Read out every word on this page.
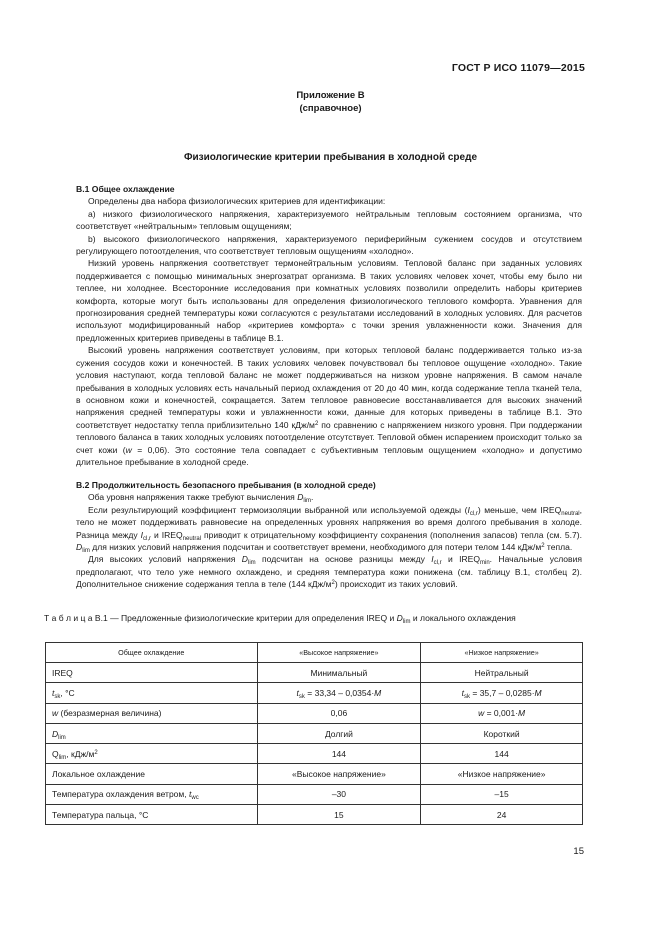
ГОСТ Р ИСО 11079—2015
Приложение В
(справочное)
Физиологические критерии пребывания в холодной среде
В.1 Общее охлаждение

Определены два набора физиологических критериев для идентификации:

а) низкого физиологического напряжения, характеризуемого нейтральным тепловым состоянием организма, что соответствует «нейтральным» тепловым ощущениям;

b) высокого физиологического напряжения, характеризуемого периферийным сужением сосудов и отсутствием регулирующего потоотделения, что соответствует тепловым ощущениям «холодно».

Низкий уровень напряжения соответствует термонейтральным условиям. Тепловой баланс при заданных условиях поддерживается с помощью минимальных энергозатрат организма. В таких условиях человек хочет, чтобы ему было ни теплее, ни холоднее. Всесторонние исследования при комнатных условиях позволили определить наборы критериев комфорта, которые могут быть использованы для определения физиологического теплового комфорта. Уравнения для прогнозирования средней температуры кожи согласуются с результатами исследований в холодных условиях. Для расчетов используют модифицированный набор «критериев комфорта» с точки зрения увлажненности кожи. Значения для предложенных критериев приведены в таблице В.1.

Высокий уровень напряжения соответствует условиям, при которых тепловой баланс поддерживается только из-за сужения сосудов кожи и конечностей. В таких условиях человек почувствовал бы тепловое ощущение «холодно». Такие условия наступают, когда тепловой баланс не может поддерживаться на низком уровне напряжения. В самом начале пребывания в холодных условиях есть начальный период охлаждения от 20 до 40 мин, когда содержание тепла тканей тела, в основном кожи и конечностей, сокращается. Затем тепловое равновесие восстанавливается для высоких значений напряжения средней температуры кожи и увлажненности кожи, данные для которых приведены в таблице В.1. Это соответствует недостатку тепла приблизительно 140 кДж/$м^2$ по сравнению с напряжением низкого уровня. При поддержании теплового баланса в таких холодных условиях потоотделение отсутствует. Тепловой обмен испарением происходит только за счет кожи (w = 0,06). Это состояние тела совпадает с субъективным тепловым ощущением «холодно» и допустимо длительное пребывание в холодной среде.

В.2 Продолжительность безопасного пребывания (в холодной среде)

Оба уровня напряжения также требуют вычисления $D_{lim}$.

Если результирующий коэффициент термоизоляции выбранной или используемой одежды $(I_{cl,r})$ меньше, чем $IREQ_{neutral}$, тело не может поддерживать равновесие на определенных уровнях напряжения во время долгого пребывания в холоде. Разница между $I_{cl,r}$ и $IREQ_{neutral}$ приводит к отрицательному коэффициенту сохранения (пополнения запасов) тепла (см. 5.7). $D_{lim}$ для низких условий напряжения подсчитан и соответствует времени, необходимого для потери телом 144 кДж/$м^2$ тепла.

Для высоких условий напряжения $D_{lim}$ подсчитан на основе разницы между $I_{cl,r}$ и $IREQ_{min}$. Начальные условия предполагают, что тело уже немного охлаждено, и средняя температура кожи понижена (см. таблицу В.1, столбец 2). Дополнительное снижение содержания тепла в теле (144 кДж/$м^2$) происходит из таких условий.

Т а б л и ц а В.1 — Предложенные физиологические критерии для определения IREQ и $D_{lim}$ и локального охлаждения
Общее охлаждение	«Высокое напряжение»	«Низкое напряжение»
IREQ	Минимальный	Нейтральный
$t_{sk}$, °C	$t_{sk} = 33,34 - 0,0354\cdot M$	$t_{sk} = 35,7 - 0,0285\cdot M$
w (безразмерная величина)	0,06	w = 0,001·M
$D_{lim}$	Долгий	Короткий
$Q_{lim}$, кДж/$м^2$	144	144
Локальное охлаждение	«Высокое напряжение»	«Низкое напряжение»
Температура охлаждения ветром, $t_{wc}$	–30	–15
Температура пальца, °C	15	24
15
